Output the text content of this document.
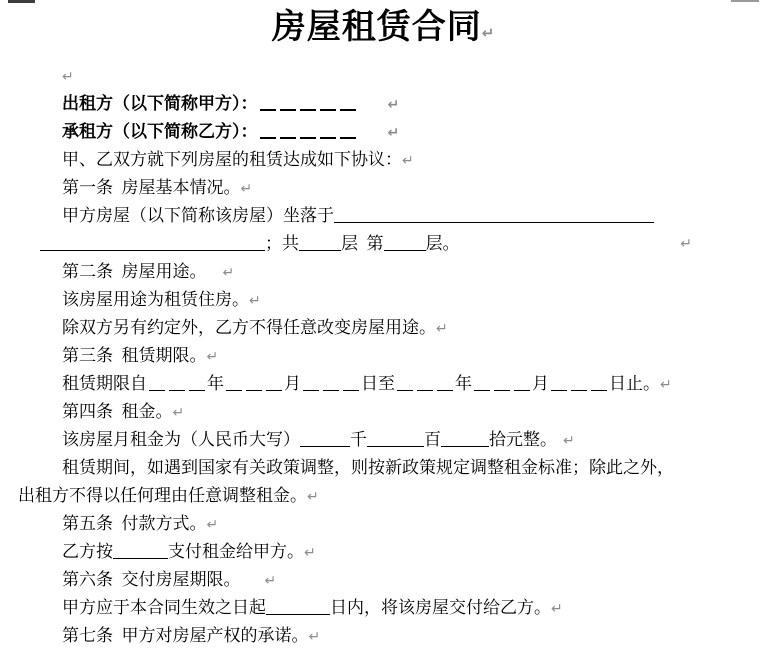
房屋租赁合同↵
↵
出租方（以下简称甲方）：	↵
承租方（以下简称乙方）：	↵
甲、乙双方就下列房屋的租赁达成如下协议：↵
第一条  房屋基本情况。↵
甲方房屋（以下简称该房屋）坐落于
；共 层  第 层。	↵
第二条  房屋用途。 ↵
该房屋用途为租赁住房。↵
除双方另有约定外，乙方不得任意改变房屋用途。↵
第三条  租赁期限。↵
租赁期限自	年	月	日至	年	月	日止。↵
第四条  租金。↵
该房屋月租金为（人民币大写）	千	百	拾元整。 ↵
租赁期间，如遇到国家有关政策调整，则按新政策规定调整租金标准；除此之外，
出租方不得以任何理由任意调整租金。↵
第五条  付款方式。↵
乙方按	支付租金给甲方。↵
第六条  交付房屋期限。 ↵
甲方应于本合同生效之日起	日内，将该房屋交付给乙方。↵
第七条  甲方对房屋产权的承诺。↵
